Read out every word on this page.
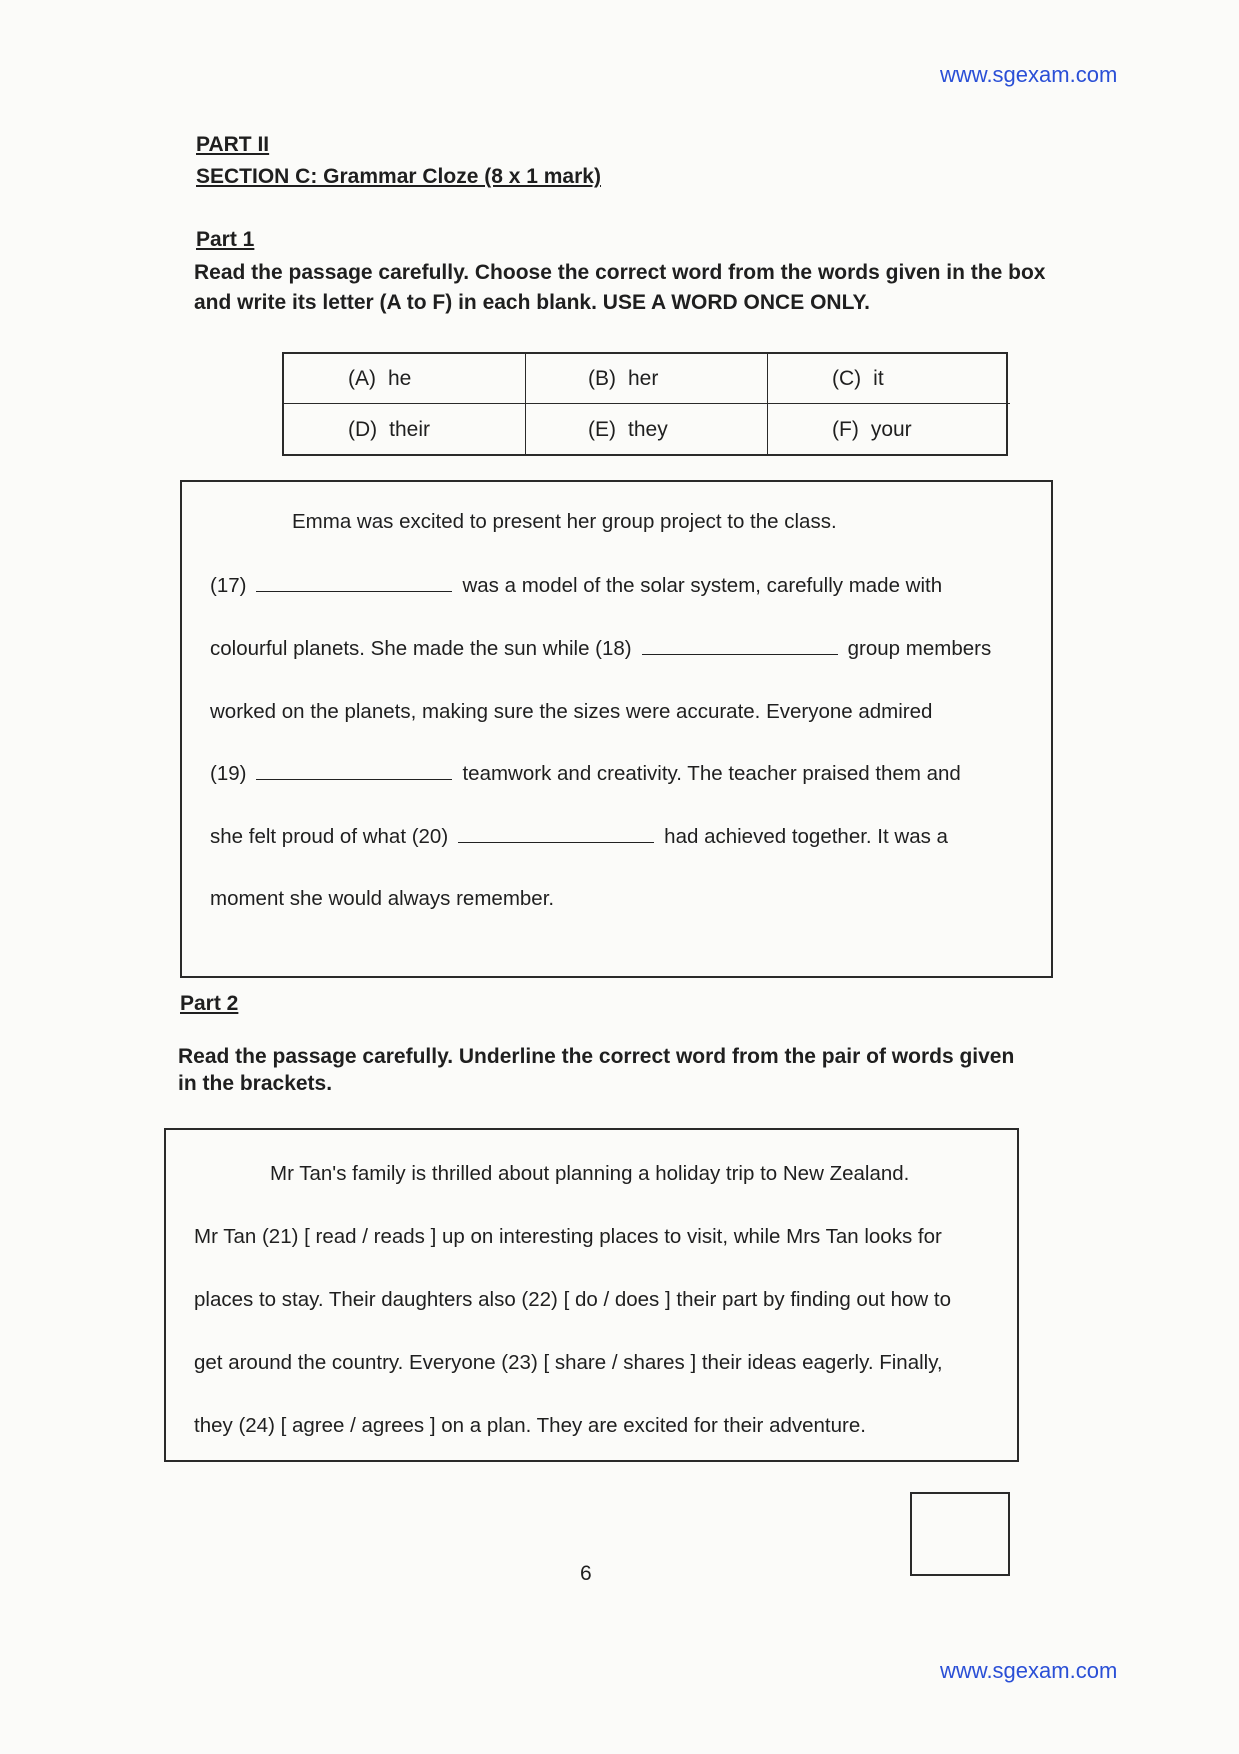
www.sgexam.com
PART II
SECTION C: Grammar Cloze (8 x 1 mark)
Part 1
Read the passage carefully. Choose the correct word from the words given in the box and write its letter (A to F) in each blank. USE A WORD ONCE ONLY.
(A) he	(B) her	(C) it
(D) their	(E) they	(F) your
Emma was excited to present her group project to the class.
(17)	was a model of the solar system, carefully made with
colourful planets. She made the sun while (18)	group members
worked on the planets, making sure the sizes were accurate. Everyone admired
(19)	teamwork and creativity. The teacher praised them and
she felt proud of what (20)	had achieved together. It was a
moment she would always remember.
Part 2
Read the passage carefully. Underline the correct word from the pair of words given in the brackets.
Mr Tan's family is thrilled about planning a holiday trip to New Zealand.
Mr Tan (21) [ read / reads ] up on interesting places to visit, while Mrs Tan looks for
places to stay. Their daughters also (22) [ do / does ] their part by finding out how to
get around the country. Everyone (23) [ share / shares ] their ideas eagerly. Finally,
they (24) [ agree / agrees ] on a plan. They are excited for their adventure.
6
www.sgexam.com
